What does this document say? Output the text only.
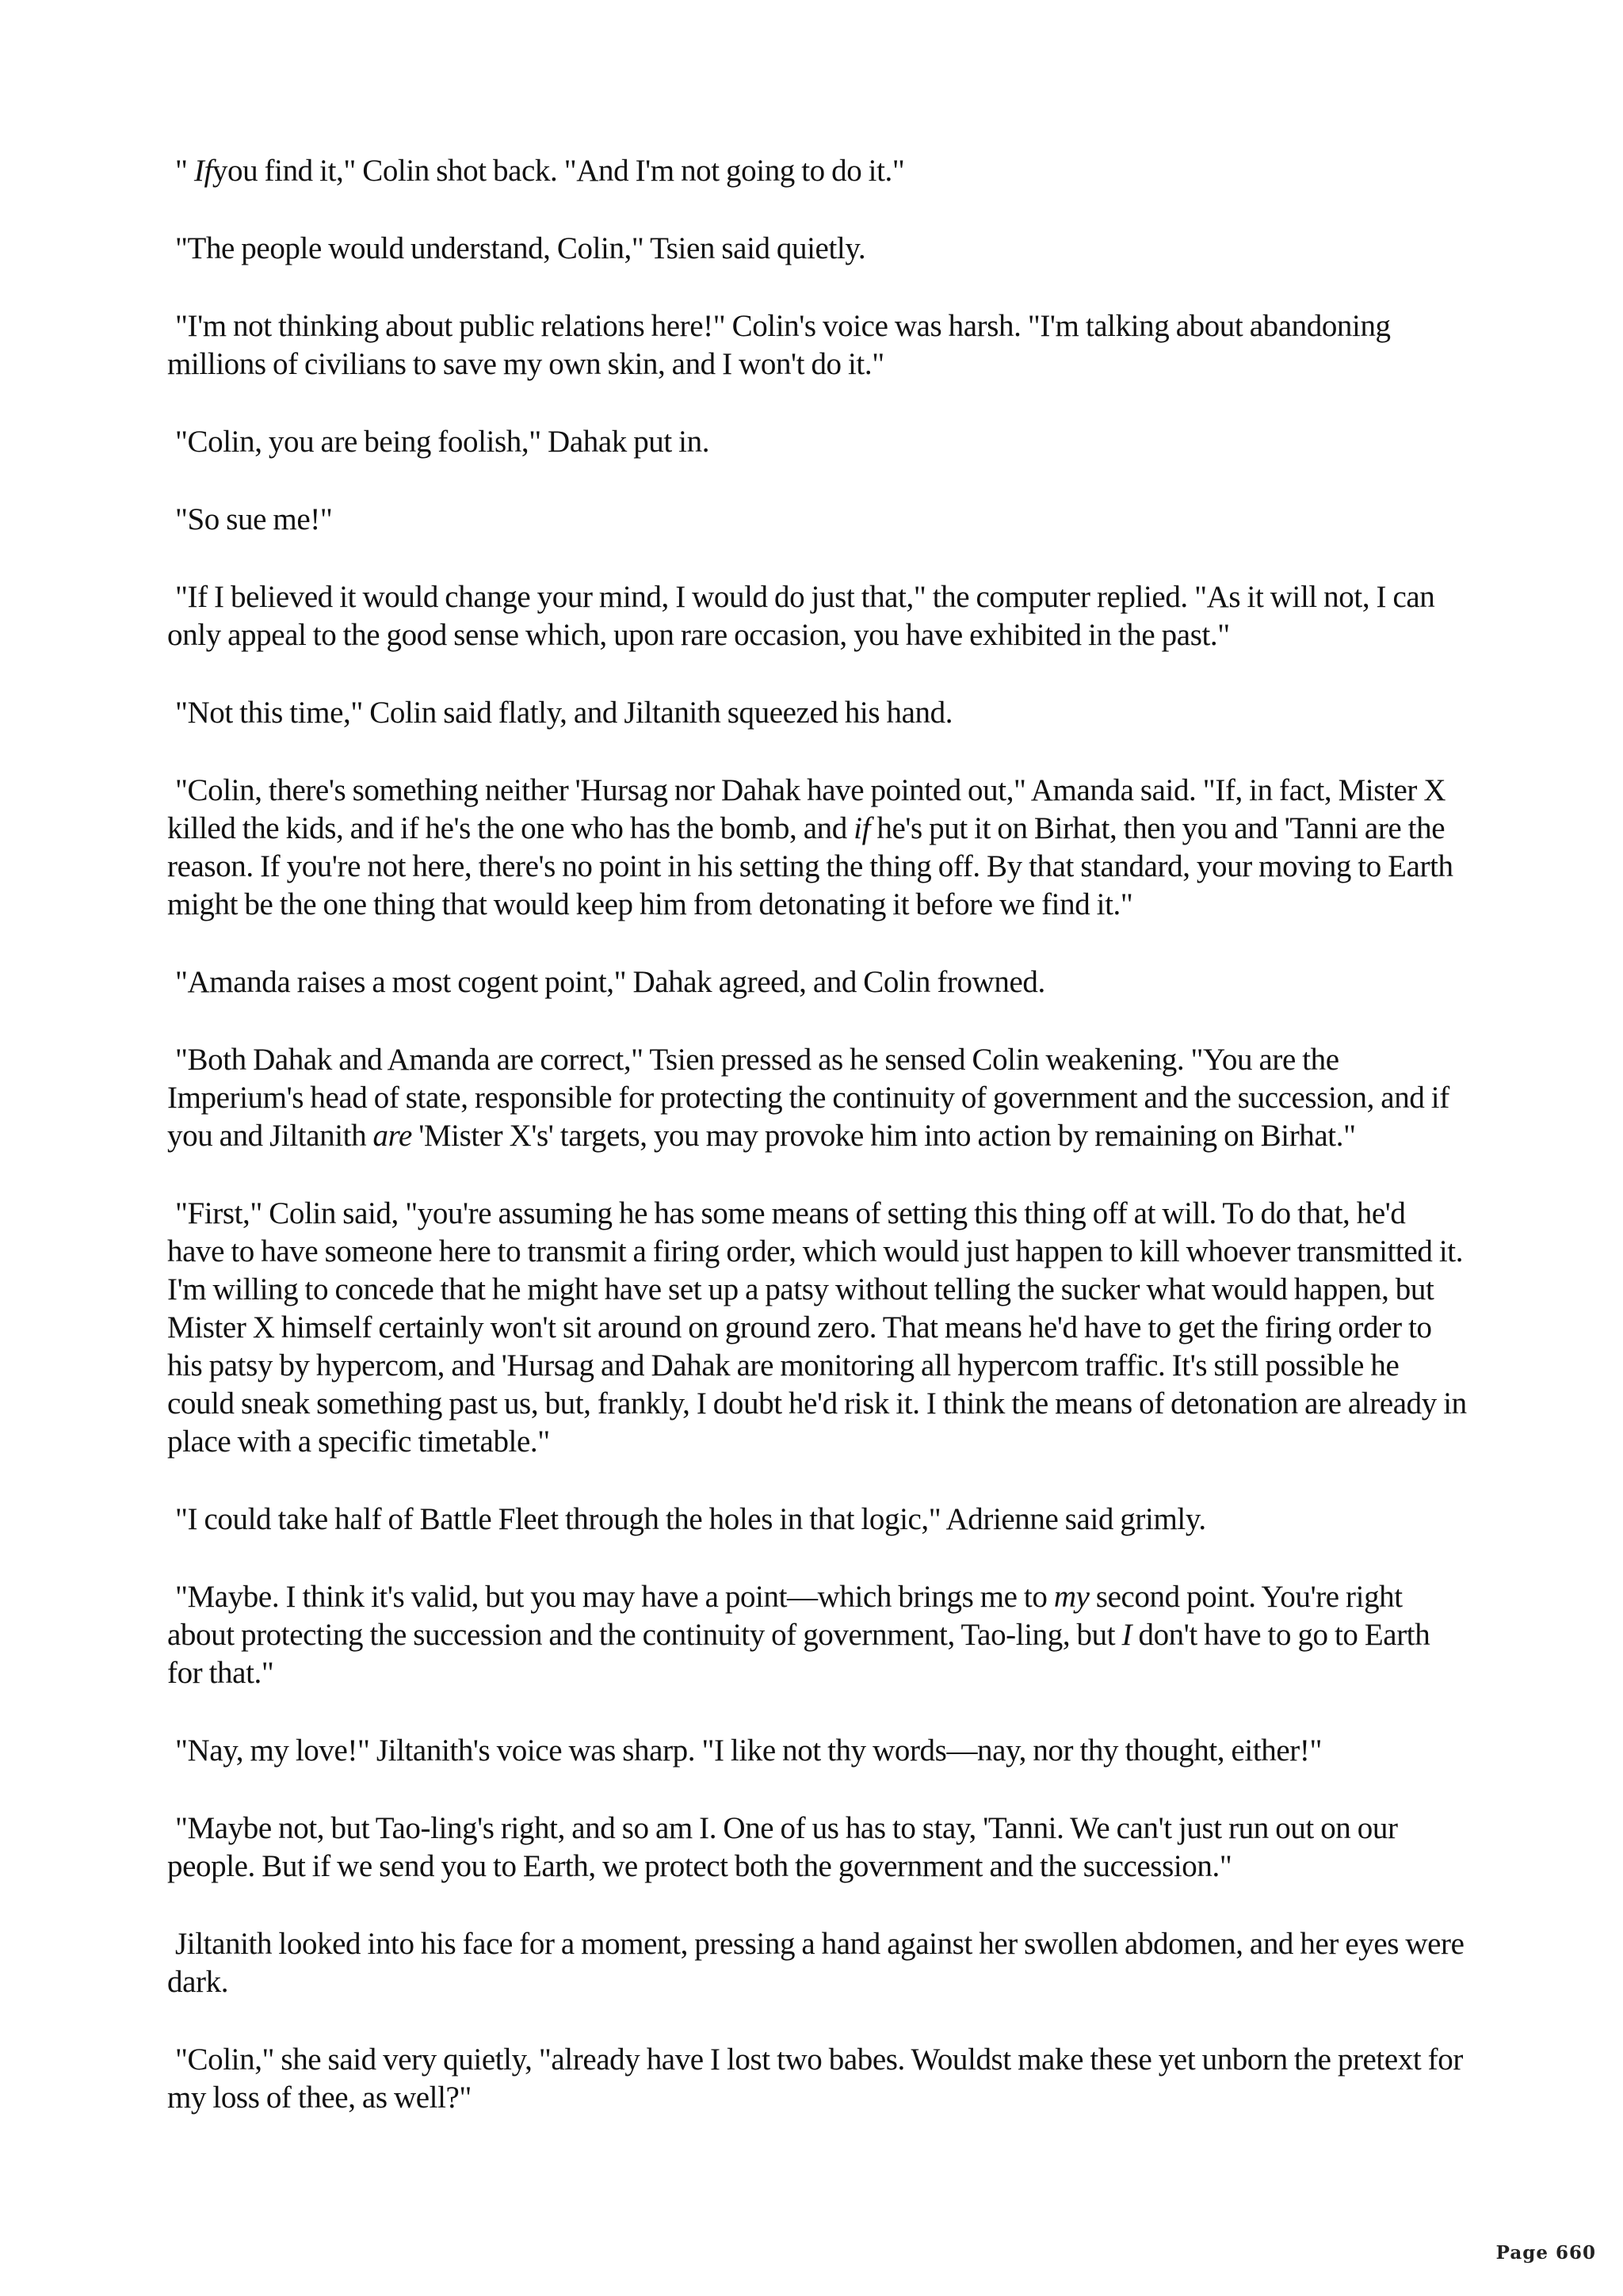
" Ifyou find it," Colin shot back. "And I'm not going to do it."

"The people would understand, Colin," Tsien said quietly.

"I'm not thinking about public relations here!" Colin's voice was harsh. "I'm talking about abandoning millions of civilians to save my own skin, and I won't do it."

"Colin, you are being foolish," Dahak put in.

"So sue me!"

"If I believed it would change your mind, I would do just that," the computer replied. "As it will not, I can only appeal to the good sense which, upon rare occasion, you have exhibited in the past."

"Not this time," Colin said flatly, and Jiltanith squeezed his hand.

"Colin, there's something neither 'Hursag nor Dahak have pointed out," Amanda said. "If, in fact, Mister X killed the kids, and if he's the one who has the bomb, and if he's put it on Birhat, then you and 'Tanni are the reason. If you're not here, there's no point in his setting the thing off. By that standard, your moving to Earth might be the one thing that would keep him from detonating it before we find it."

"Amanda raises a most cogent point," Dahak agreed, and Colin frowned.

"Both Dahak and Amanda are correct," Tsien pressed as he sensed Colin weakening. "You are the Imperium's head of state, responsible for protecting the continuity of government and the succession, and if you and Jiltanith are 'Mister X's' targets, you may provoke him into action by remaining on Birhat."

"First," Colin said, "you're assuming he has some means of setting this thing off at will. To do that, he'd have to have someone here to transmit a firing order, which would just happen to kill whoever transmitted it. I'm willing to concede that he might have set up a patsy without telling the sucker what would happen, but Mister X himself certainly won't sit around on ground zero. That means he'd have to get the firing order to his patsy by hypercom, and 'Hursag and Dahak are monitoring all hypercom traffic. It's still possible he could sneak something past us, but, frankly, I doubt he'd risk it. I think the means of detonation are already in place with a specific timetable."

"I could take half of Battle Fleet through the holes in that logic," Adrienne said grimly.

"Maybe. I think it's valid, but you may have a point—which brings me to my second point. You're right about protecting the succession and the continuity of government, Tao-ling, but I don't have to go to Earth for that."

"Nay, my love!" Jiltanith's voice was sharp. "I like not thy words—nay, nor thy thought, either!"

"Maybe not, but Tao-ling's right, and so am I. One of us has to stay, 'Tanni. We can't just run out on our people. But if we send you to Earth, we protect both the government and the succession."

Jiltanith looked into his face for a moment, pressing a hand against her swollen abdomen, and her eyes were dark.

"Colin," she said very quietly, "already have I lost two babes. Wouldst make these yet unborn the pretext for my loss of thee, as well?"

Page 660
